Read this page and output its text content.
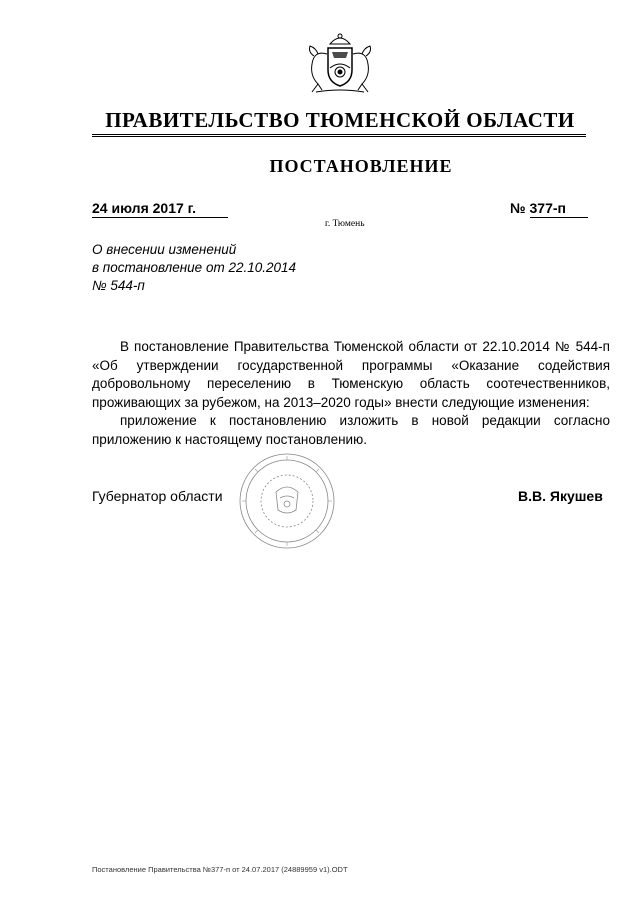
ПРАВИТЕЛЬСТВО ТЮМЕНСКОЙ ОБЛАСТИ
ПОСТАНОВЛЕНИЕ
24 июля 2017 г.	№ 377-п
г. Тюмень
О внесении изменений
в постановление от 22.10.2014
№ 544-п
В постановление Правительства Тюменской области от 22.10.2014 № 544-п «Об утверждении государственной программы «Оказание содействия добровольному переселению в Тюменскую область соотечественников, проживающих за рубежом, на 2013–2020 годы» внести следующие изменения:
приложение к постановлению изложить в новой редакции согласно приложению к настоящему постановлению.
Губернатор области	В.В. Якушев
Постановление Правительства №377-п от 24.07.2017 (24889959 v1).ODT
